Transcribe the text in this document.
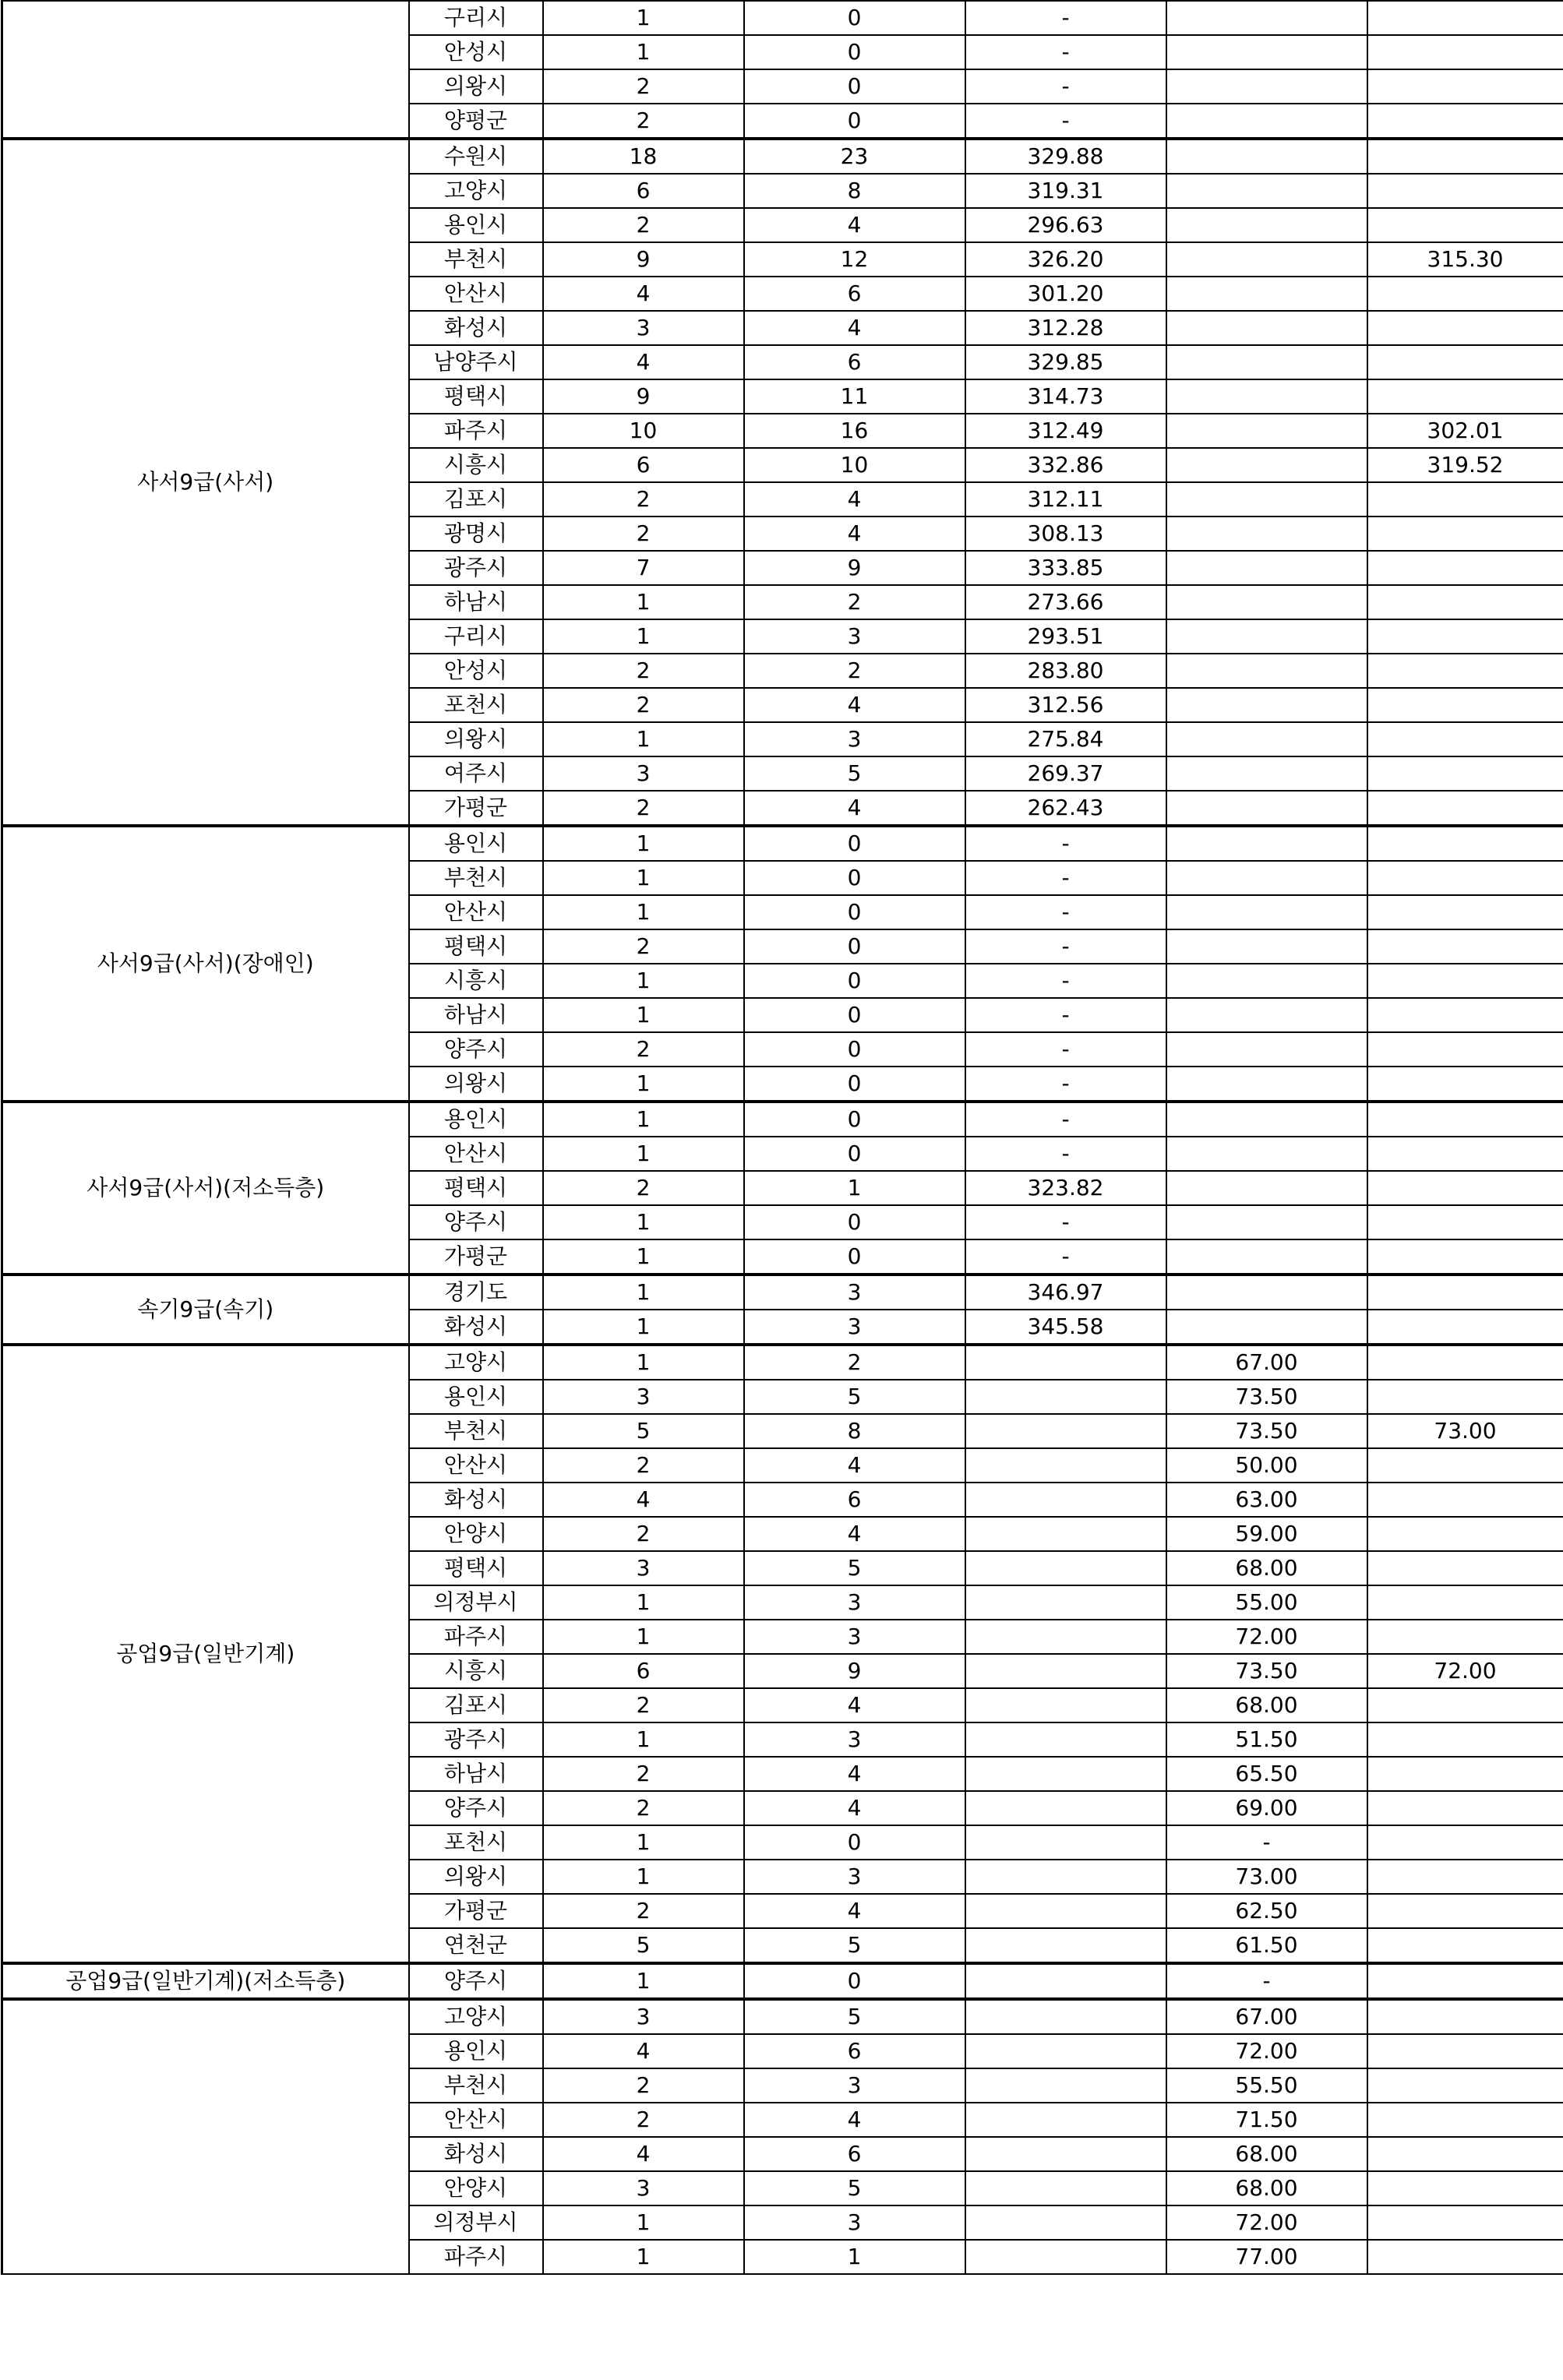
	구리시	1	0	-		
	안성시	1	0	-		
	의왕시	2	0	-		
	양평군	2	0	-		
사서9급(사서)	수원시	18	23	329.88		
	고양시	6	8	319.31		
	용인시	2	4	296.63		
	부천시	9	12	326.20		315.30
	안산시	4	6	301.20		
	화성시	3	4	312.28		
	남양주시	4	6	329.85		
	평택시	9	11	314.73		
	파주시	10	16	312.49		302.01
	시흥시	6	10	332.86		319.52
	김포시	2	4	312.11		
	광명시	2	4	308.13		
	광주시	7	9	333.85		
	하남시	1	2	273.66		
	구리시	1	3	293.51		
	안성시	2	2	283.80		
	포천시	2	4	312.56		
	의왕시	1	3	275.84		
	여주시	3	5	269.37		
	가평군	2	4	262.43		
사서9급(사서)(장애인)	용인시	1	0	-		
	부천시	1	0	-		
	안산시	1	0	-		
	평택시	2	0	-		
	시흥시	1	0	-		
	하남시	1	0	-		
	양주시	2	0	-		
	의왕시	1	0	-		
사서9급(사서)(저소득층)	용인시	1	0	-		
	안산시	1	0	-		
	평택시	2	1	323.82		
	양주시	1	0	-		
	가평군	1	0	-		
속기9급(속기)	경기도	1	3	346.97		
	화성시	1	3	345.58		
공업9급(일반기계)	고양시	1	2		67.00	
	용인시	3	5		73.50	
	부천시	5	8		73.50	73.00
	안산시	2	4		50.00	
	화성시	4	6		63.00	
	안양시	2	4		59.00	
	평택시	3	5		68.00	
	의정부시	1	3		55.00	
	파주시	1	3		72.00	
	시흥시	6	9		73.50	72.00
	김포시	2	4		68.00	
	광주시	1	3		51.50	
	하남시	2	4		65.50	
	양주시	2	4		69.00	
	포천시	1	0		-	
	의왕시	1	3		73.00	
	가평군	2	4		62.50	
	연천군	5	5		61.50	
공업9급(일반기계)(저소득층)	양주시	1	0		-	
	고양시	3	5		67.00	
	용인시	4	6		72.00	
	부천시	2	3		55.50	
	안산시	2	4		71.50	
	화성시	4	6		68.00	
	안양시	3	5		68.00	
	의정부시	1	3		72.00	
	파주시	1	1		77.00	
